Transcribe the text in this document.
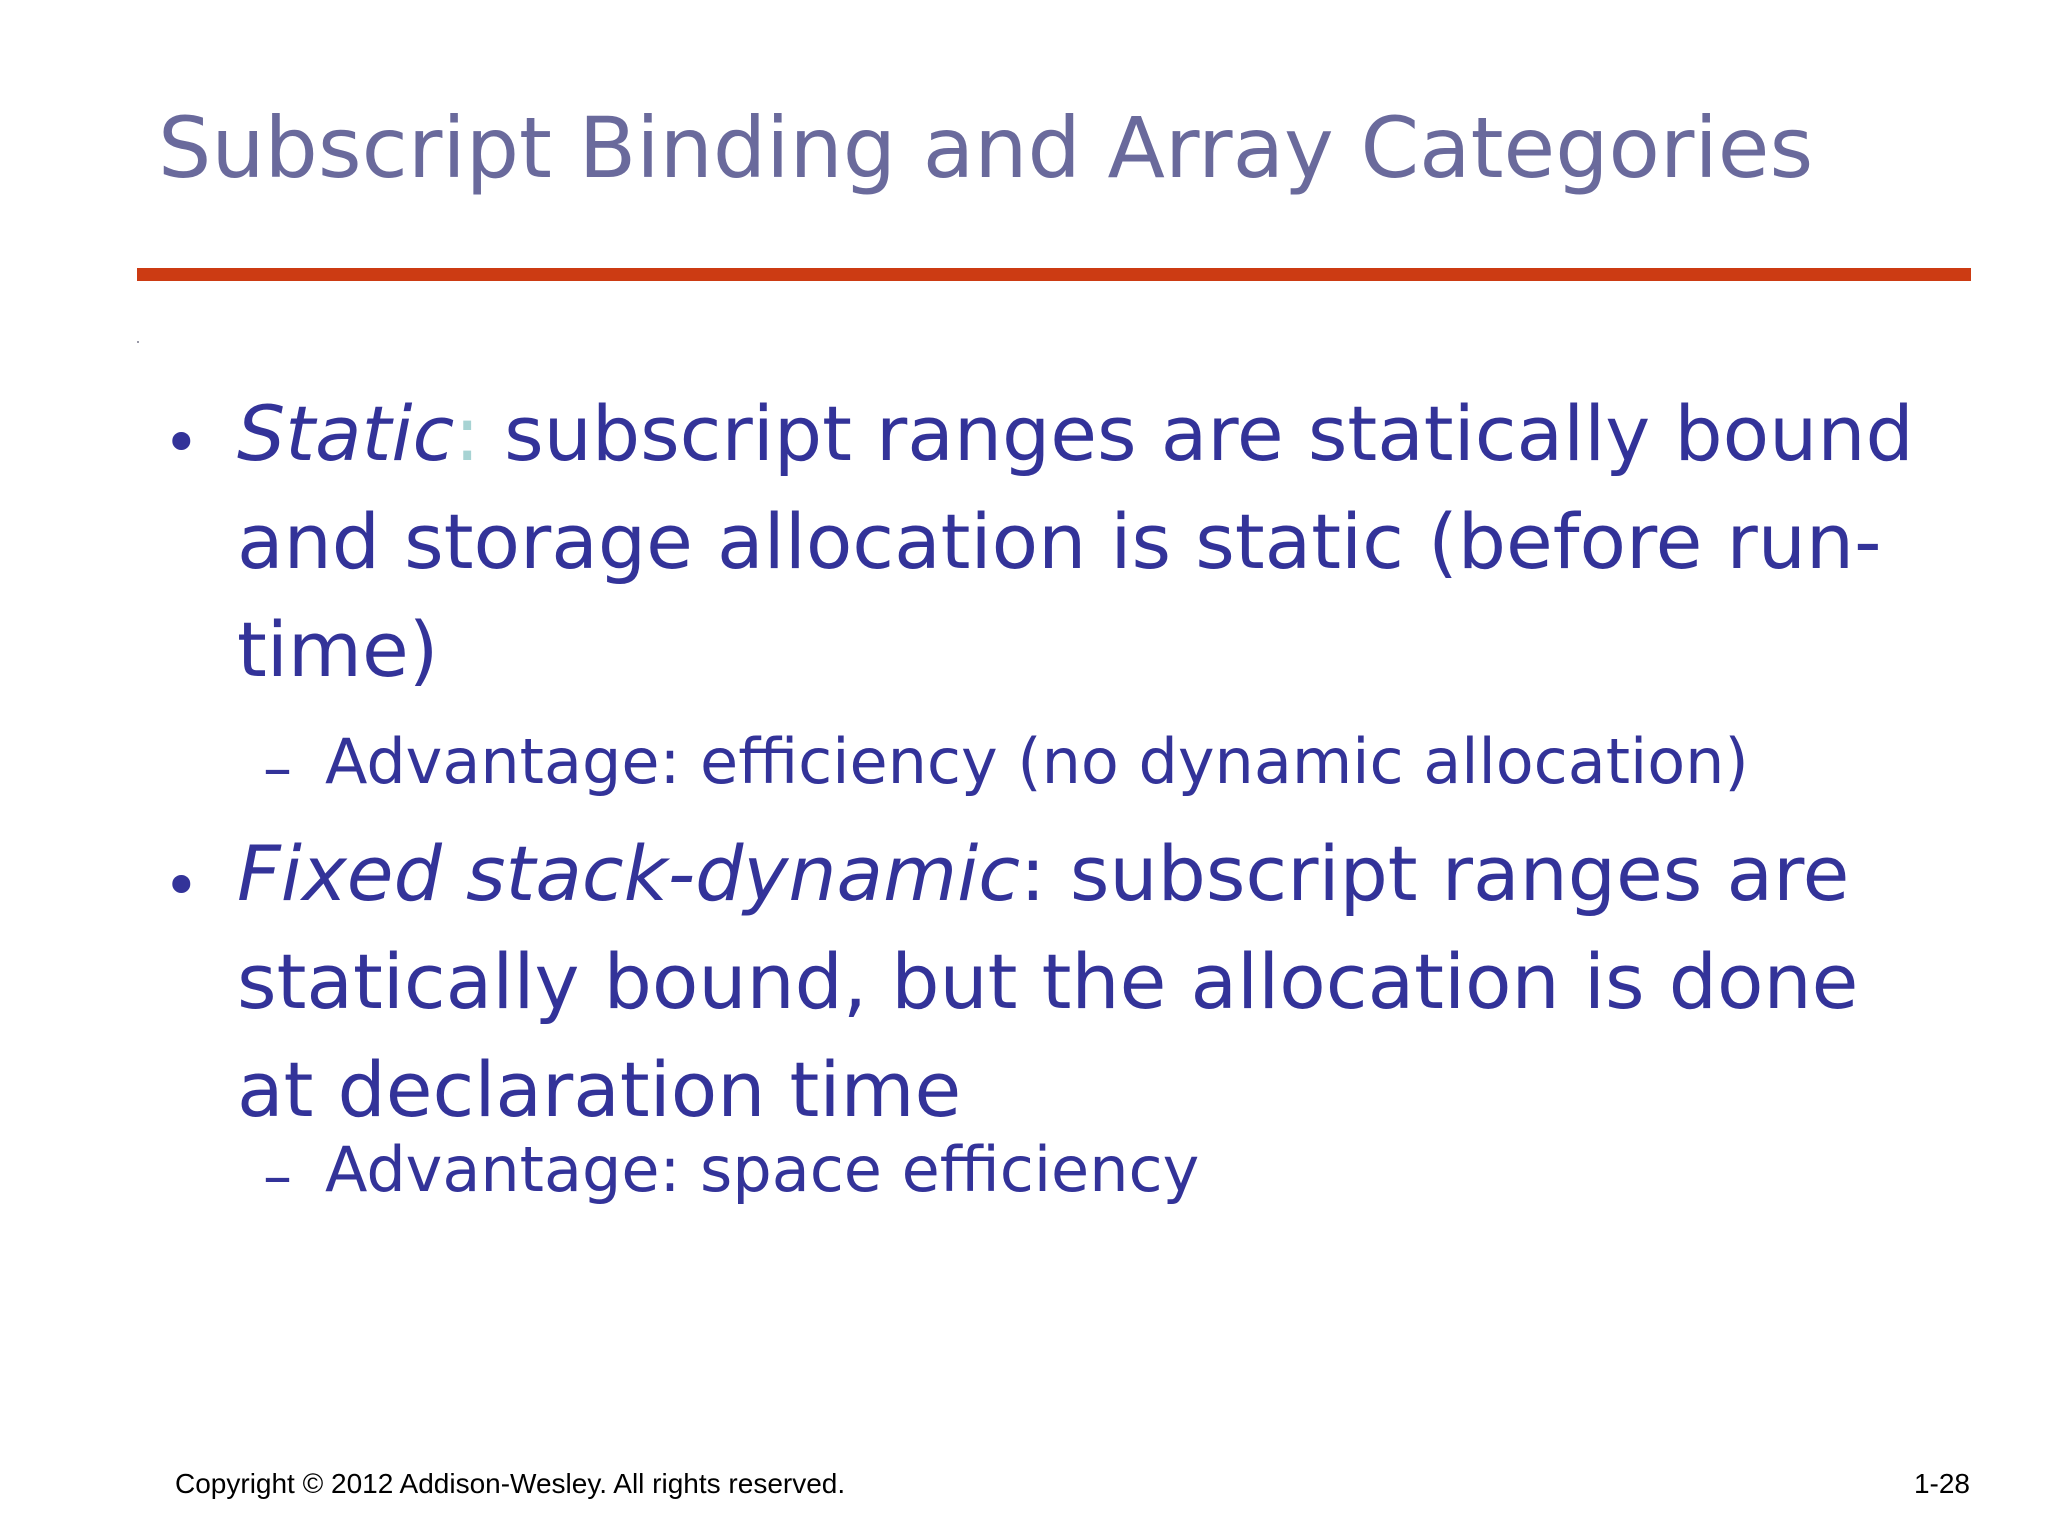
Subscript Binding and Array Categories
• Static: subscript ranges are statically bound and storage allocation is static (before run-time)
– Advantage: efficiency (no dynamic allocation)
• Fixed stack-dynamic: subscript ranges are statically bound, but the allocation is done at declaration time
– Advantage: space efficiency
Copyright © 2012 Addison-Wesley. All rights reserved.	1-28
